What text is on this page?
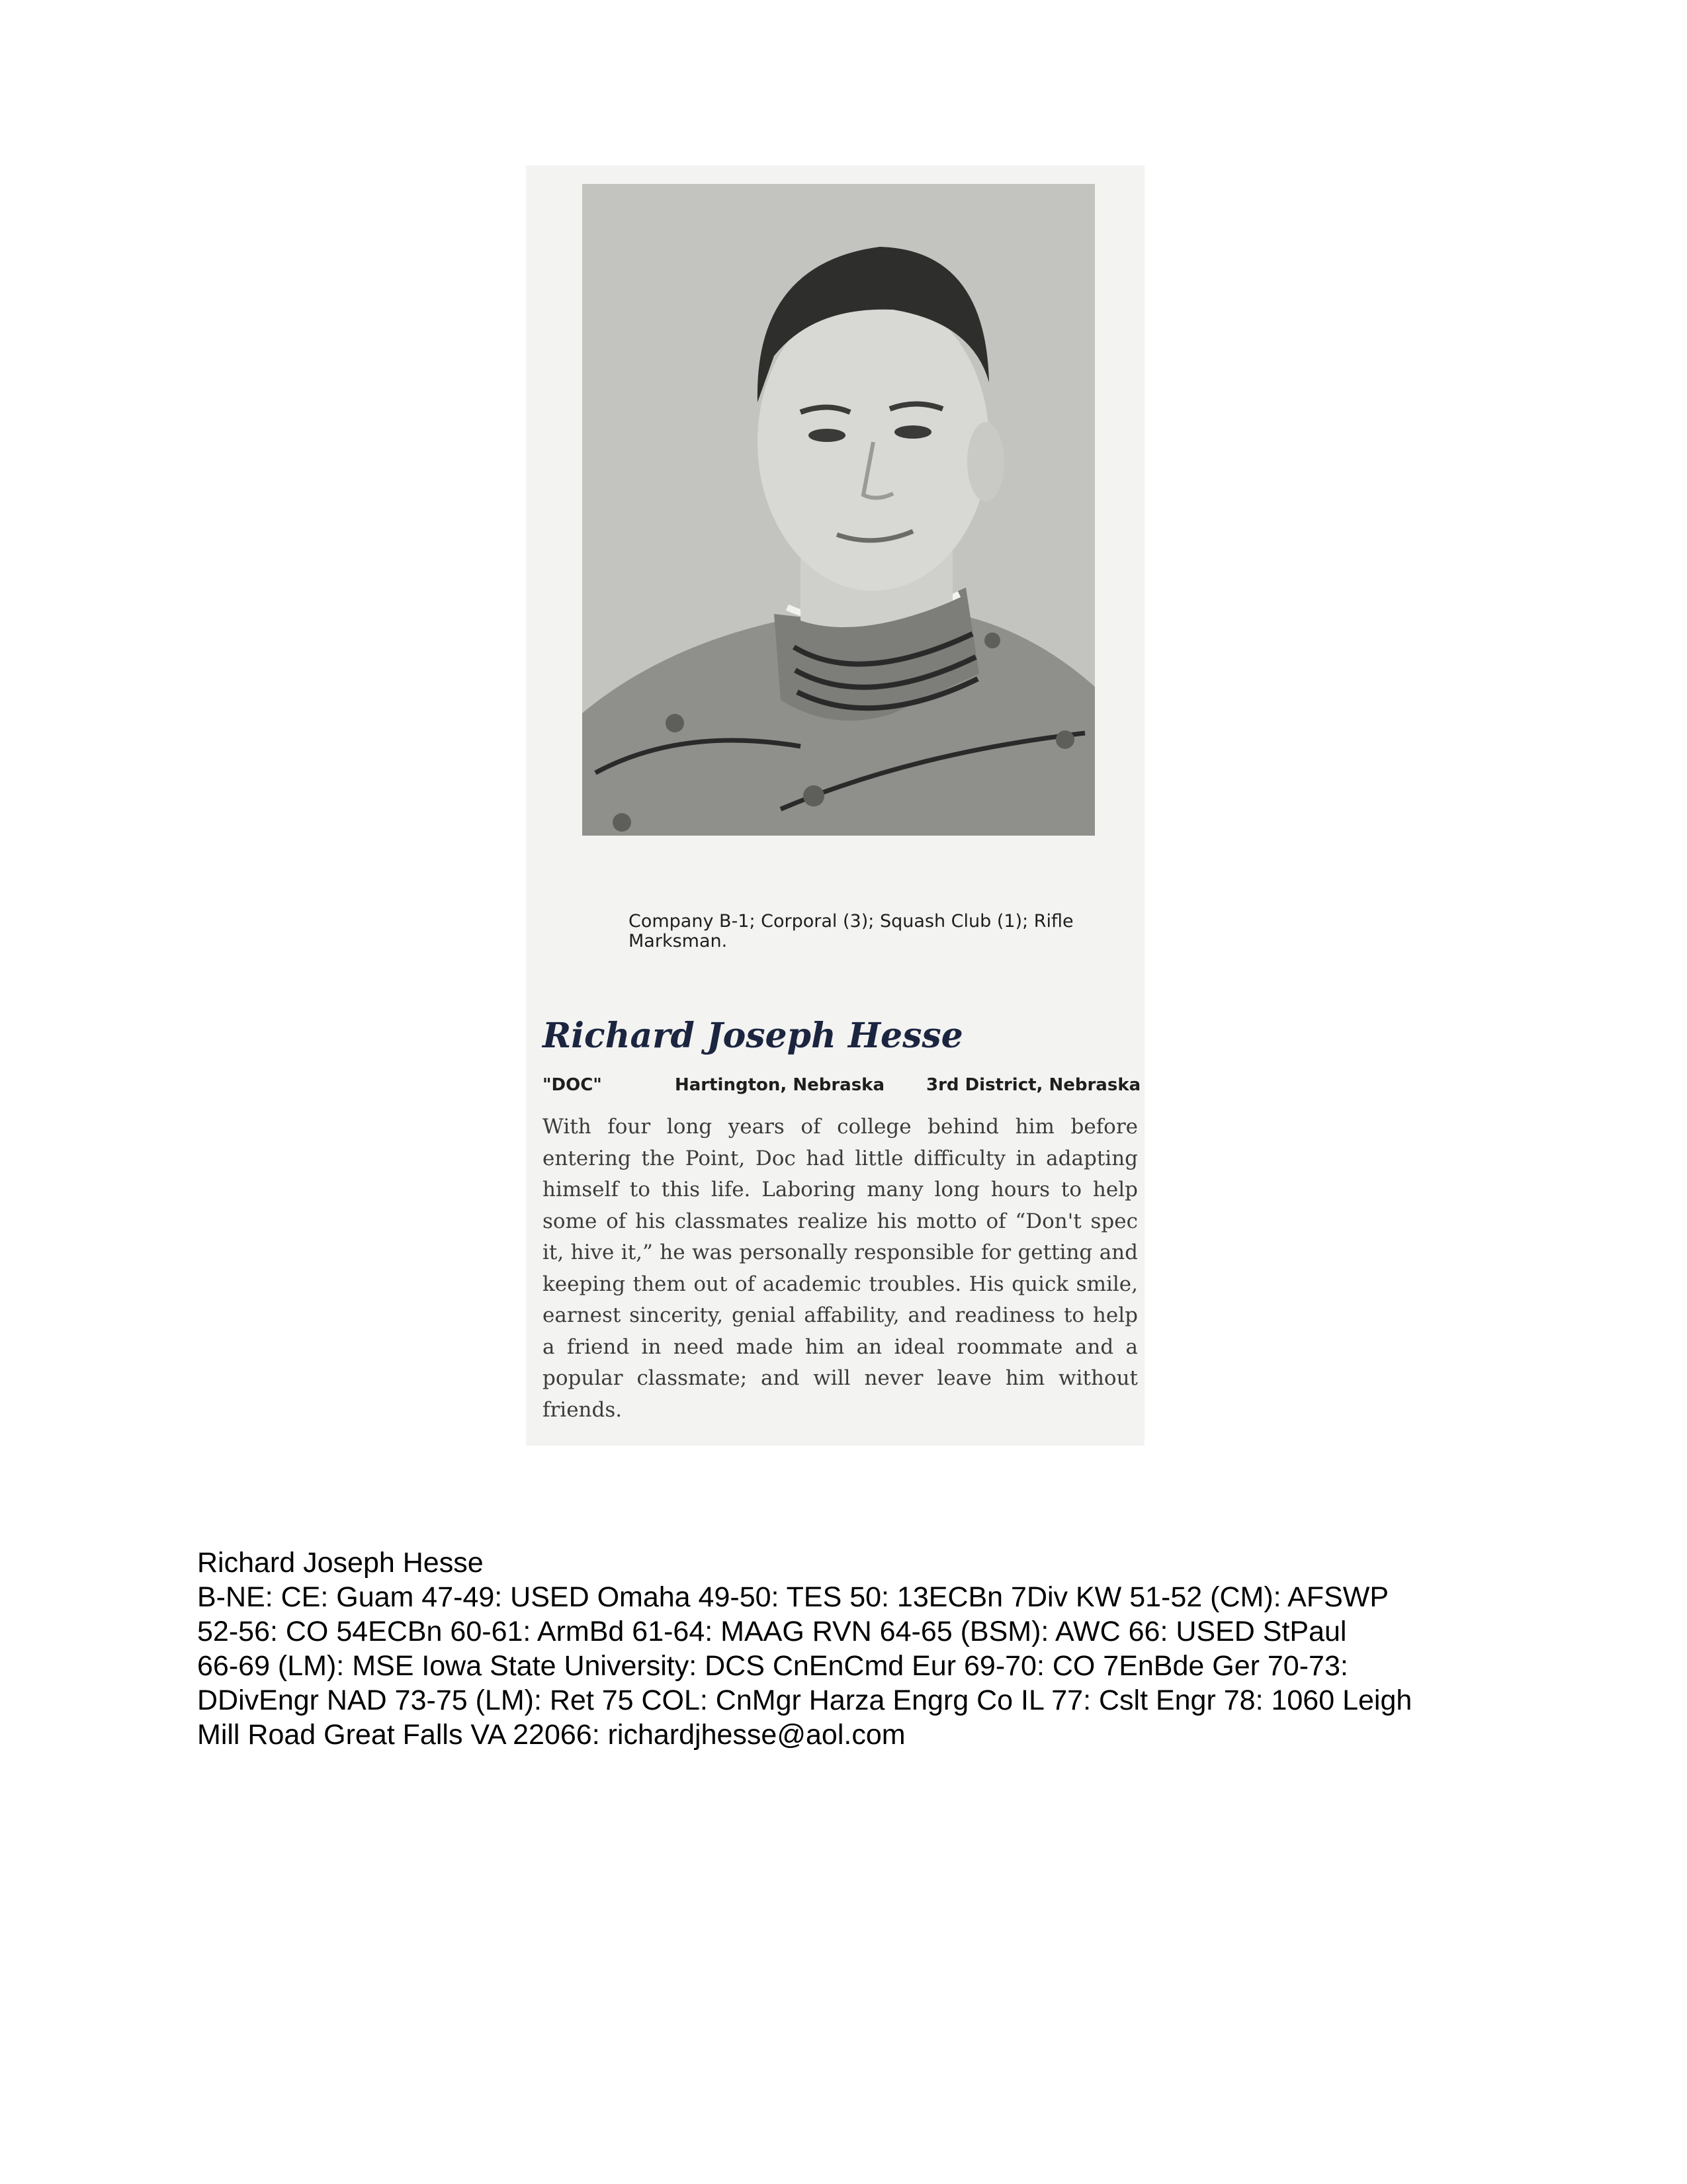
Company B-1; Corporal (3); Squash Club (1); Rifle Marksman.
Richard Joseph Hesse
"DOC"	Hartington, Nebraska 3rd District, Nebraska
With four long years of college behind him before entering the Point, Doc had little difficulty in adapting himself to this life. Laboring many long hours to help some of his classmates realize his motto of “Don't spec it, hive it,” he was personally responsible for getting and keeping them out of academic troubles. His quick smile, earnest sincerity, genial affability, and readiness to help a friend in need made him an ideal roommate and a popular classmate; and will never leave him without friends.
Richard Joseph Hesse
B-NE: CE: Guam 47-49: USED Omaha 49-50: TES 50: 13ECBn 7Div KW 51-52 (CM): AFSWP
52-56: CO 54ECBn 60-61: ArmBd 61-64: MAAG RVN 64-65 (BSM): AWC 66: USED StPaul
66-69 (LM): MSE Iowa State University: DCS CnEnCmd Eur 69-70: CO 7EnBde Ger 70-73:
DDivEngr NAD 73-75 (LM): Ret 75 COL: CnMgr Harza Engrg Co IL 77: Cslt Engr 78: 1060 Leigh
Mill Road Great Falls VA 22066: richardjhesse@aol.com
